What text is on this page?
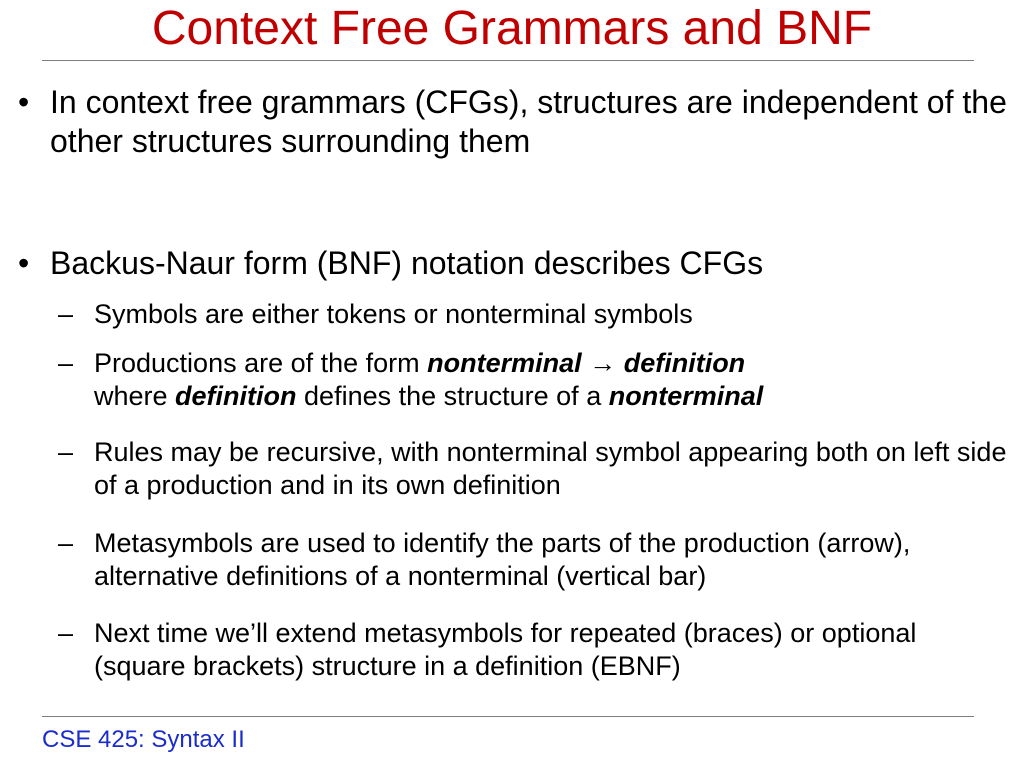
Context Free Grammars and BNF
• In context free grammars (CFGs), structures are independent of the other structures surrounding them
• Backus-Naur form (BNF) notation describes CFGs
– Symbols are either tokens or nonterminal symbols
– Productions are of the form nonterminal → definition
where definition defines the structure of a nonterminal
– Rules may be recursive, with nonterminal symbol appearing both on left side of a production and in its own definition
– Metasymbols are used to identify the parts of the production (arrow), alternative definitions of a nonterminal (vertical bar)
– Next time we’ll extend metasymbols for repeated (braces) or optional (square brackets) structure in a definition (EBNF)
CSE 425: Syntax II
